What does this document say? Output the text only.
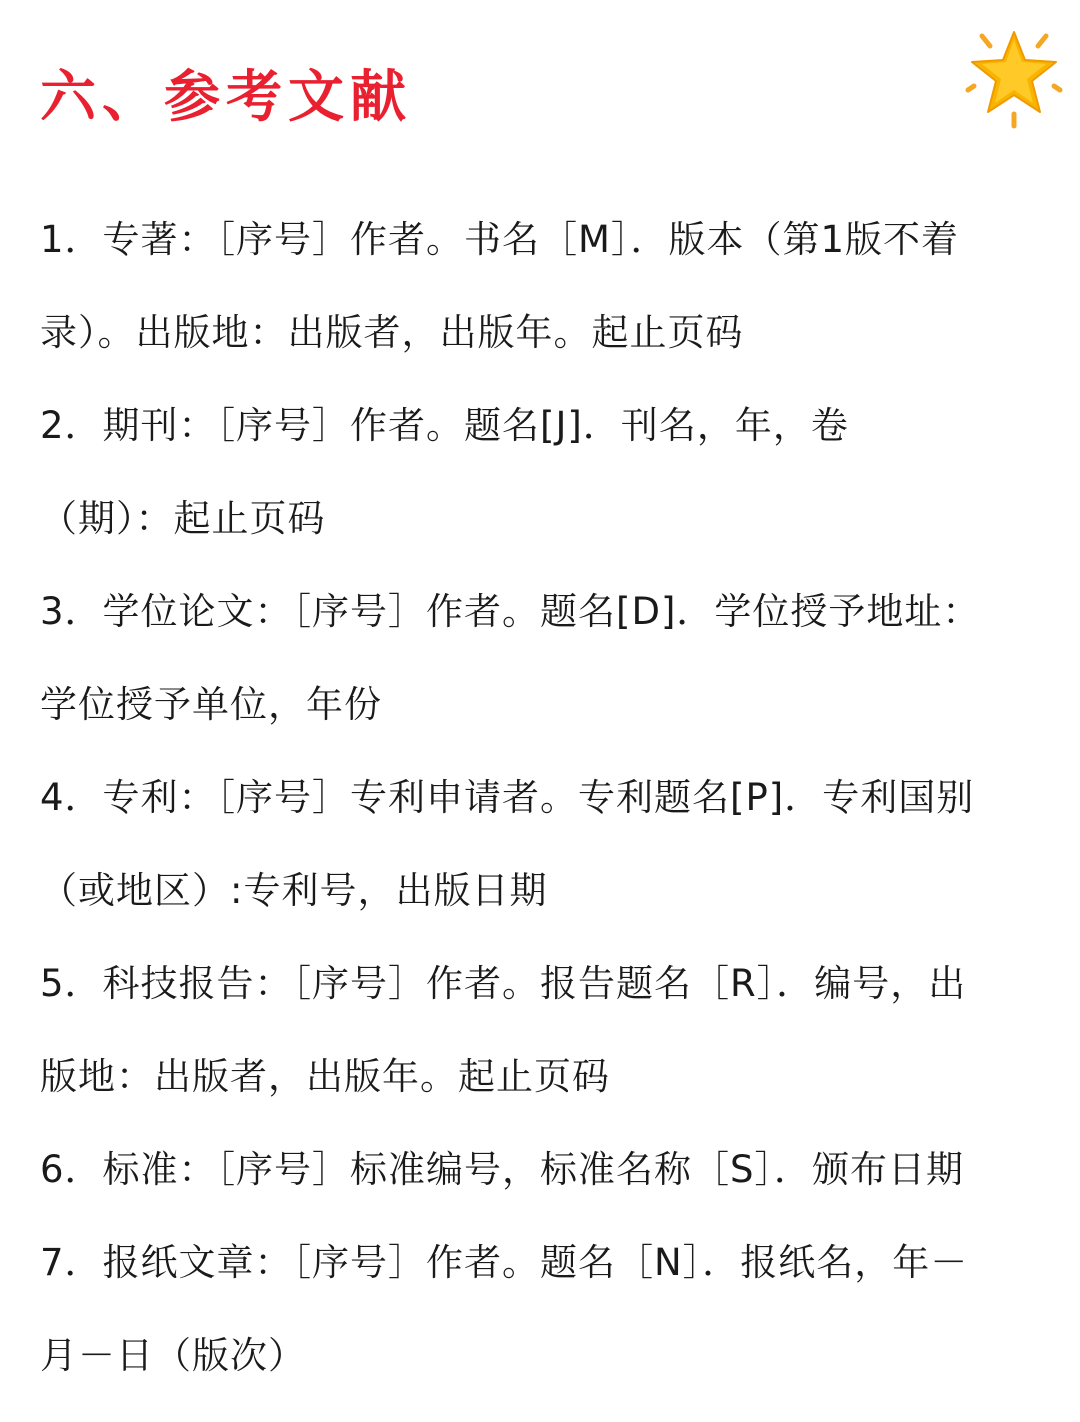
六、参考文献
1．专著：［序号］作者。书名［M］．版本（第1版不着
录）。出版地：出版者，出版年。起止页码
2．期刊：［序号］作者。题名[J]．刊名，年，卷
（期）：起止页码
3．学位论文：［序号］作者。题名[D]．学位授予地址：
学位授予单位，年份
4．专利：［序号］专利申请者。专利题名[P]．专利国别
（或地区）:专利号，出版日期
5．科技报告：［序号］作者。报告题名［R］．编号，出
版地：出版者，出版年。起止页码
6．标准：［序号］标准编号，标准名称［S］．颁布日期
7．报纸文章：［序号］作者。题名［N］．报纸名，年－
月－日（版次）
